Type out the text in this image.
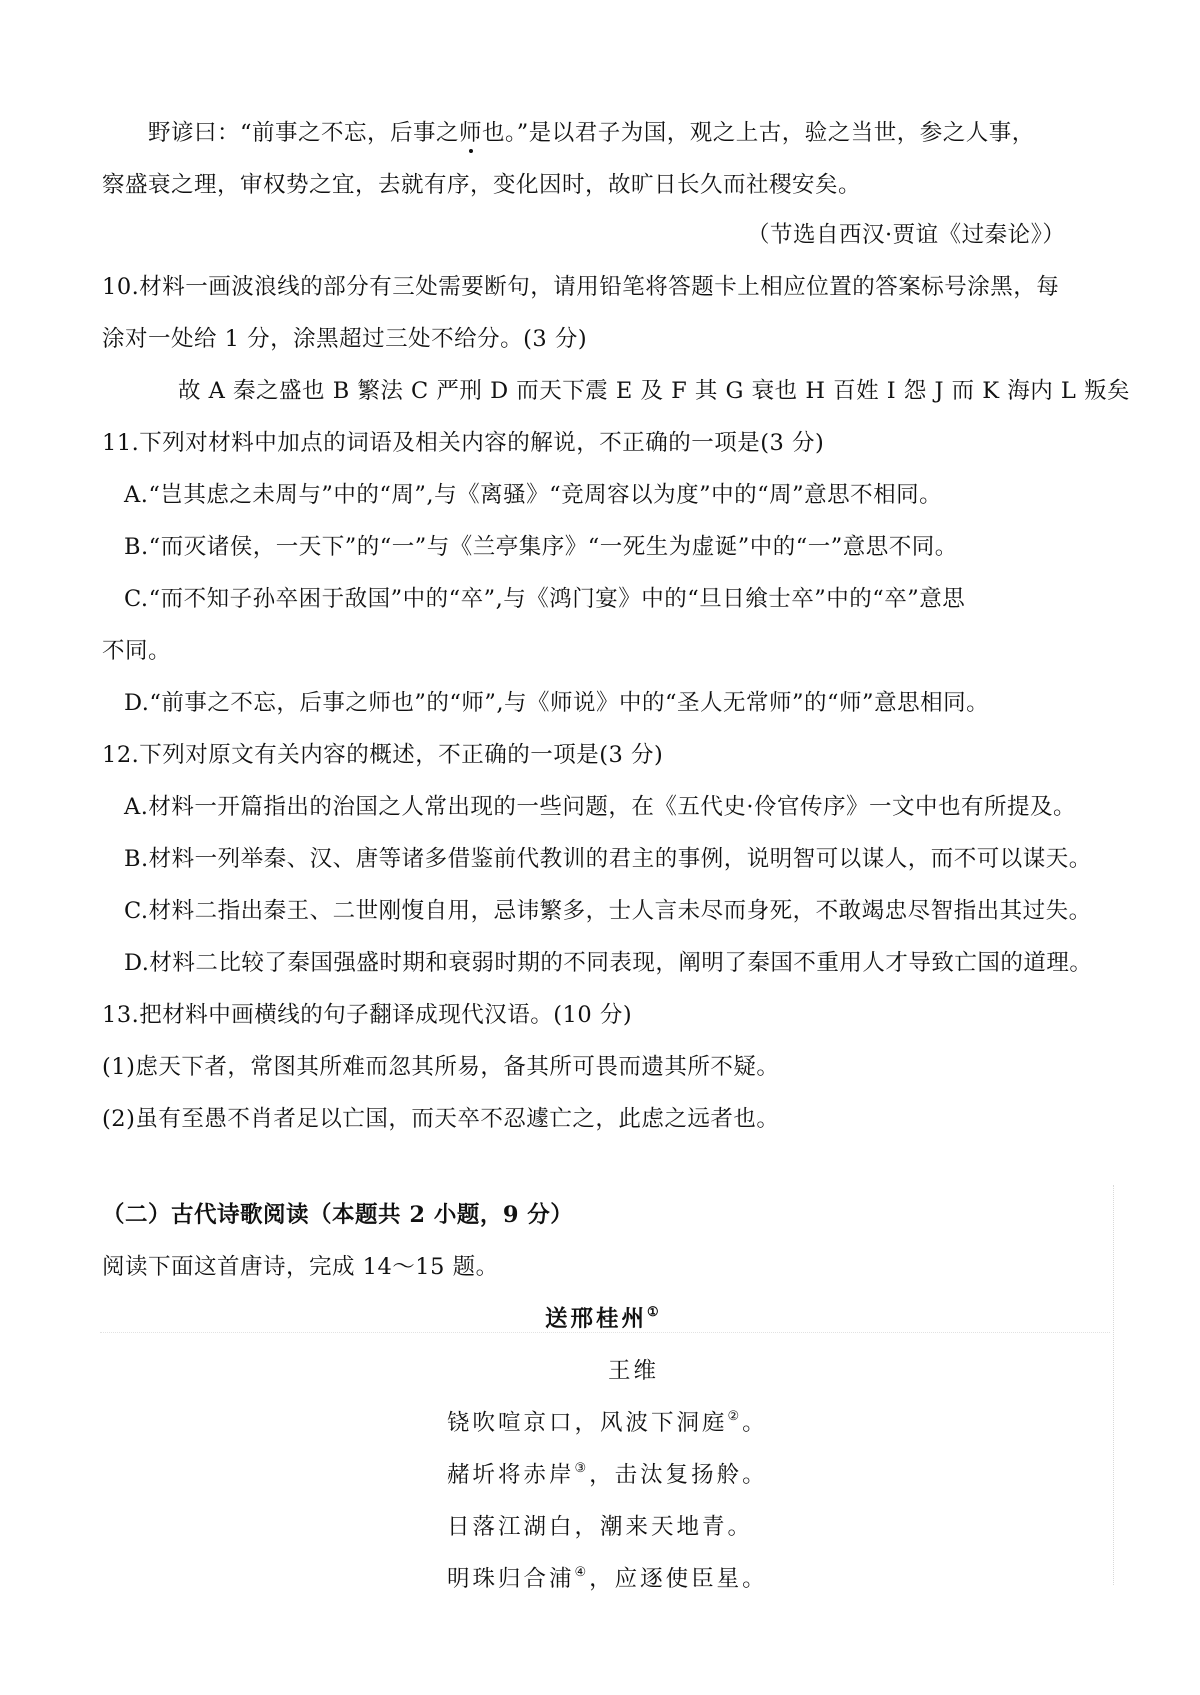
野谚曰：“前事之不忘，后事之师也。”是以君子为国，观之上古，验之当世，参之人事，
察盛衰之理，审权势之宜，去就有序，变化因时，故旷日长久而社稷安矣。
（节选自西汉·贾谊《过秦论》）
10.材料一画波浪线的部分有三处需要断句，请用铅笔将答题卡上相应位置的答案标号涂黑，每
涂对一处给 1 分，涂黑超过三处不给分。(3 分)
故 A 秦之盛也 B 繁法 C 严刑 D 而天下震 E 及 F 其 G 衰也 H 百姓 I 怨 J 而 K 海内 L 叛矣
11.下列对材料中加点的词语及相关内容的解说，不正确的一项是(3 分)
A.“岂其虑之未周与”中的“周”,与《离骚》“竞周容以为度”中的“周”意思不相同。
B.“而灭诸侯，一天下”的“一”与《兰亭集序》“一死生为虚诞”中的“一”意思不同。
C.“而不知子孙卒困于敌国”中的“卒”,与《鸿门宴》中的“旦日飨士卒”中的“卒”意思
不同。
D.“前事之不忘，后事之师也”的“师”,与《师说》中的“圣人无常师”的“师”意思相同。
12.下列对原文有关内容的概述，不正确的一项是(3 分)
A.材料一开篇指出的治国之人常出现的一些问题，在《五代史·伶官传序》一文中也有所提及。
B.材料一列举秦、汉、唐等诸多借鉴前代教训的君主的事例，说明智可以谋人，而不可以谋天。
C.材料二指出秦王、二世刚愎自用，忌讳繁多，士人言未尽而身死，不敢竭忠尽智指出其过失。
D.材料二比较了秦国强盛时期和衰弱时期的不同表现，阐明了秦国不重用人才导致亡国的道理。
13.把材料中画横线的句子翻译成现代汉语。(10 分)
(1)虑天下者，常图其所难而忽其所易，备其所可畏而遗其所不疑。
(2)虽有至愚不肖者足以亡国，而天卒不忍遽亡之，此虑之远者也。
（二）古代诗歌阅读（本题共 2 小题，9 分）
阅读下面这首唐诗，完成 14～15 题。
送邢桂州①
王维
铙吹喧京口，风波下洞庭②。
赭圻将赤岸③，击汰复扬舲。
日落江湖白，潮来天地青。
明珠归合浦④，应逐使臣星。
